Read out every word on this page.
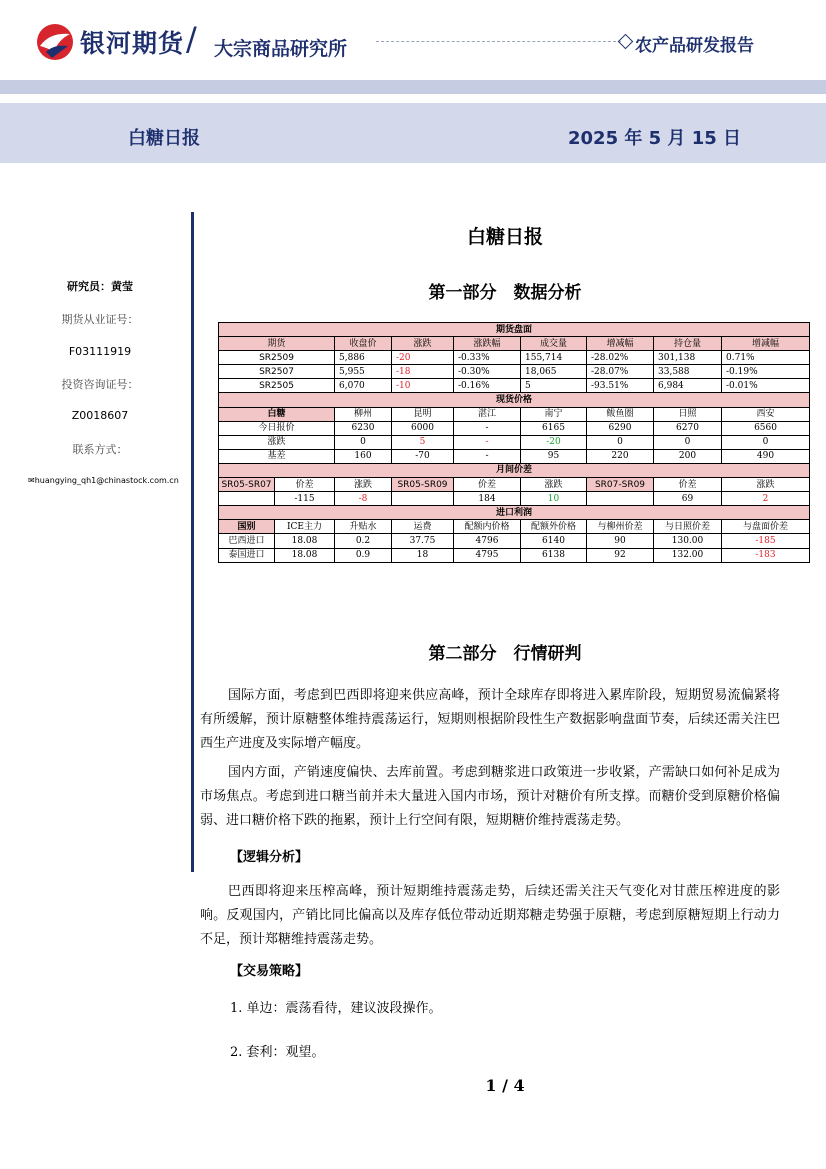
银河期货 / 大宗商品研究所	农产品研发报告
白糖日报	2025 年 5 月 15 日
研究员：黄莹
期货从业证号：
F03111919
投资咨询证号：
Z0018607
联系方式：
✉huangying_qh1@chinastock.com.cn
白糖日报
第一部分　数据分析
期货盘面								
期货		收盘价	涨跌	涨跌幅	成交量	增减幅	持仓量	增减幅
SR2509		5,886	-20	-0.33%	155,714	-28.02%	301,138	0.71%
SR2507		5,955	-18	-0.30%	18,065	-28.07%	33,588	-0.19%
SR2505		6,070	-10	-0.16%	5	-93.51%	6,984	-0.01%
现货价格								
白糖		柳州	昆明	湛江	南宁	鲅鱼圈	日照	西安
今日报价		6230	6000	-	6165	6290	6270	6560
涨跌		0	5	-	-20	0	0	0
基差		160	-70	-	95	220	200	490
月间价差								
SR05-SR07	价差	涨跌	SR05-SR09	价差	涨跌	SR07-SR09	价差	涨跌
	-115	-8		184	10		69	2
进口利润								
国别	ICE主力	升贴水	运费	配额内价格	配额外价格	与柳州价差	与日照价差	与盘面价差
巴西进口	18.08	0.2	37.75	4796	6140	90	130.00	-185
泰国进口	18.08	0.9	18	4795	6138	92	132.00	-183
第二部分　行情研判
国际方面，考虑到巴西即将迎来供应高峰，预计全球库存即将进入累库阶段，短期贸易流偏紧将有所缓解，预计原糖整体维持震荡运行，短期则根据阶段性生产数据影响盘面节奏，后续还需关注巴西生产进度及实际增产幅度。
国内方面，产销速度偏快、去库前置。考虑到糖浆进口政策进一步收紧，产需缺口如何补足成为市场焦点。考虑到进口糖当前并未大量进入国内市场，预计对糖价有所支撑。而糖价受到原糖价格偏弱、进口糖价格下跌的拖累，预计上行空间有限，短期糖价维持震荡走势。
【逻辑分析】
巴西即将迎来压榨高峰，预计短期维持震荡走势，后续还需关注天气变化对甘蔗压榨进度的影响。反观国内，产销比同比偏高以及库存低位带动近期郑糖走势强于原糖，考虑到原糖短期上行动力不足，预计郑糖维持震荡走势。
【交易策略】
1. 单边：震荡看待，建议波段操作。
2. 套利：观望。
1 / 4
